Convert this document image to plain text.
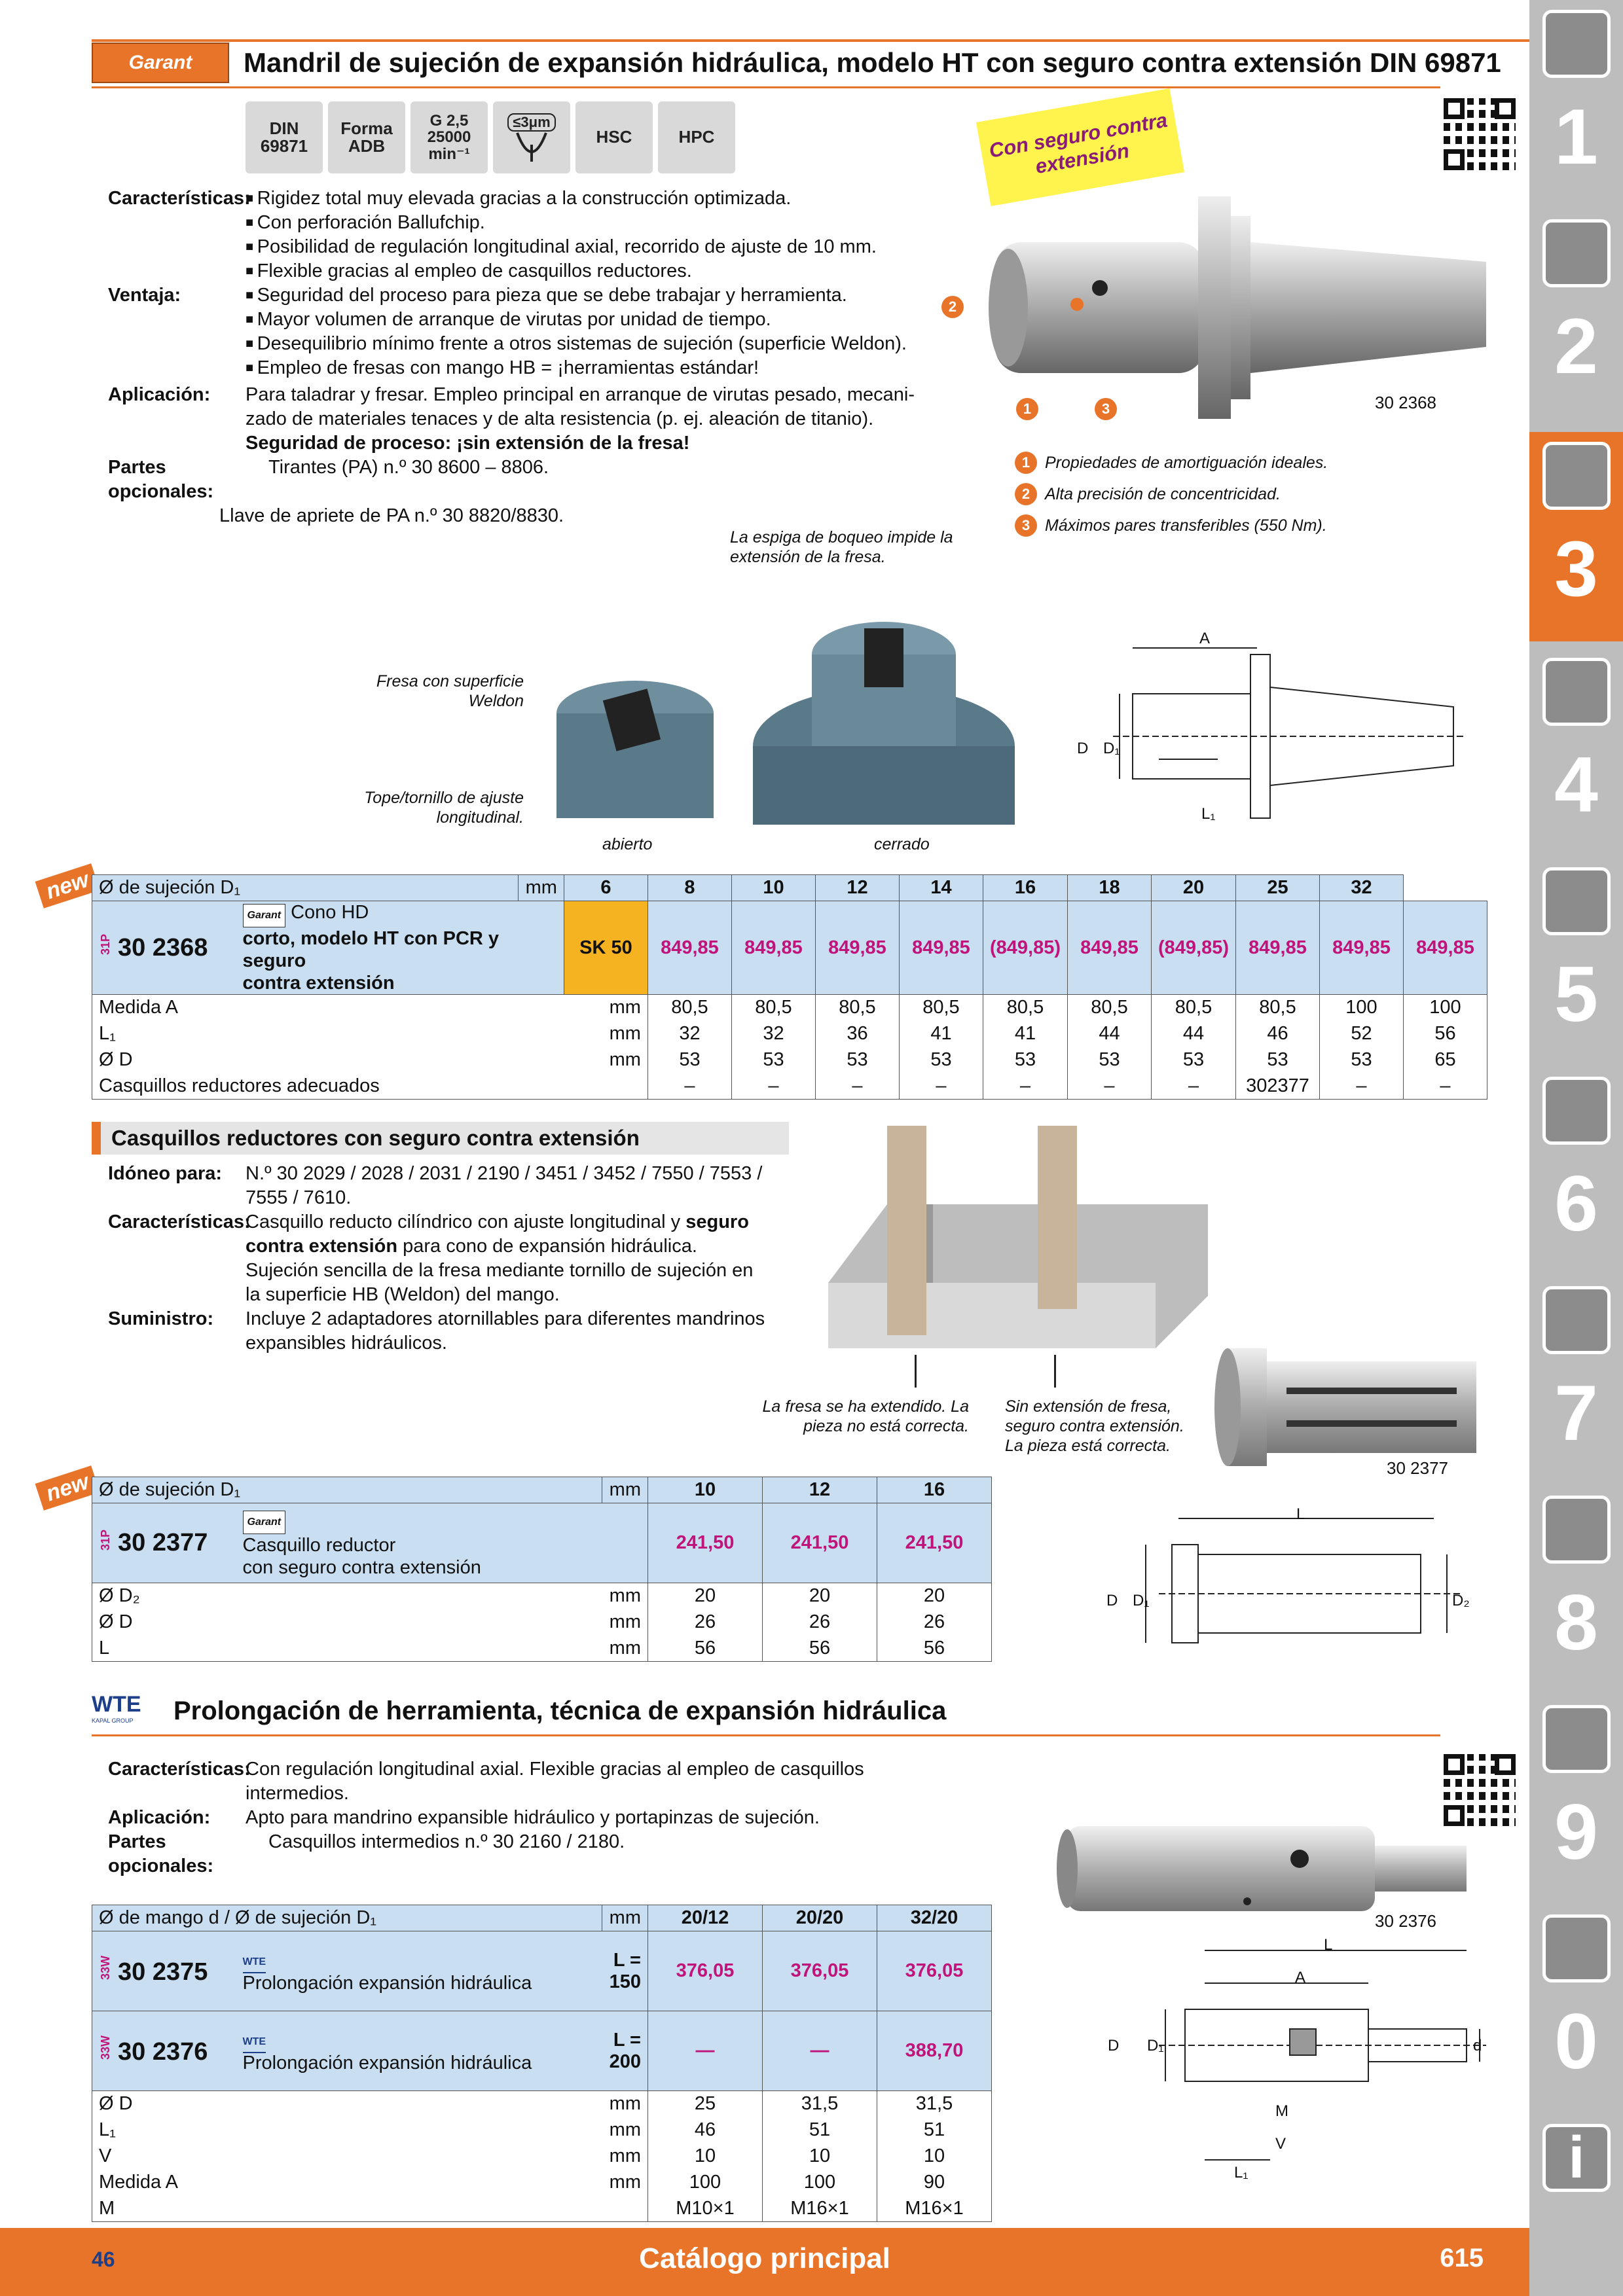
Garant Mandril de sujeción de expansión hidráulica, modelo HT con seguro contra extensión DIN 69871
DIN
69871
Forma
ADB
G 2,5
25000
min⁻¹
≤3μm
HSC	HPC
Características: ■ Rigidez total muy elevada gracias a la construcción optimizada.
■ Con perforación Ballufchip.
■ Posibilidad de regulación longitudinal axial, recorrido de ajuste de 10 mm.
■ Flexible gracias al empleo de casquillos reductores.
Ventaja:	■ Seguridad del proceso para pieza que se debe trabajar y herramienta.
■ Mayor volumen de arranque de virutas por unidad de tiempo.
■ Desequilibrio mínimo frente a otros sistemas de sujeción (superficie Weldon).
■ Empleo de fresas con mango HB = ¡herramientas estándar!
Aplicación:	Para taladrar y fresar. Empleo principal en arranque de virutas pesado, mecani-
zado de materiales tenaces y de alta resistencia (p. ej. aleación de titanio).
Seguridad de proceso: ¡sin extensión de la fresa!
Partes opcionales:
Tirantes (PA) n.º 30 8600 – 8806.
Llave de apriete de PA n.º 30 8820/8830.
Con seguro contra extensión
2
1	3	30 2368
1 Propiedades de amortiguación ideales.
2 Alta precisión de concentricidad.
3 Máximos pares transferibles (550 Nm).
La espiga de boqueo impide la extensión de la fresa.
Fresa con superficie Weldon
Tope/tornillo de ajuste longitudinal.
abierto	cerrado
A
D D₁
L₁
new Ø de sujeción D₁		mm	6	8	10	12	14	16	18	20	25	32	
31P 30 2368	Garant Cono HD
corto, modelo HT con PCR y seguro
contra extensión		SK 50	849,85	849,85	849,85	849,85	(849,85)	849,85	(849,85)	849,85	849,85	849,85
Medida A			mm	80,5	80,5	80,5	80,5	80,5	80,5	80,5	80,5	100	100
L₁			mm	32	32	36	41	41	44	44	46	52	56
Ø D			mm	53	53	53	53	53	53	53	53	53	65
Casquillos reductores adecuados				–	–	–	–	–	–	–	302377	–	–
Casquillos reductores con seguro contra extensión
Idóneo para:	N.º 30 2029 / 2028 / 2031 / 2190 / 3451 / 3452 / 7550 / 7553 /
7555 / 7610.
Características:
Casquillo reducto cilíndrico con ajuste longitudinal y seguro
contra extensión para cono de expansión hidráulica.
Sujeción sencilla de la fresa mediante tornillo de sujeción en
la superficie HB (Weldon) del mango.
Suministro:	Incluye 2 adaptadores atornillables para diferentes mandrinos
expansibles hidráulicos.
La fresa se ha extendido. La pieza no está correcta.
Sin extensión de fresa, seguro contra extensión. La pieza está correcta.
30 2377
new Ø de sujeción D₁		mm	10	12	16
31P 30 2377	Garant
Casquillo reductor
con seguro contra extensión		241,50	241,50	241,50
Ø D₂		mm	20	20	20
Ø D		mm	26	26	26
L		mm	56	56	56
L
D D₁	D₂
WTE
KAPAL GROUP	Prolongación de herramienta, técnica de expansión hidráulica
Características:
Con regulación longitudinal axial. Flexible gracias al empleo de casquillos
intermedios.
Aplicación:	Apto para mandrino expansible hidráulico y portapinzas de sujeción.
Partes opcionales:
Casquillos intermedios n.º 30 2160 / 2180.
30 2376
Ø de mango d / Ø de sujeción D₁		mm	20/12	20/20	32/20
33W 30 2375	WTE
Prolongación expansión hidráulica	L = 150	376,05	376,05	376,05
33W 30 2376	WTE
Prolongación expansión hidráulica	L = 200	—	—	388,70
Ø D		mm	25	31,5	31,5
L₁		mm	46	51	51
V		mm	10	10	10
Medida A		mm	100	100	90
M			M10×1	M16×1	M16×1
L
A
D D₁	d
M
V
L₁
1
2
3
4
5
6
7
8
9
0
i
46	Catálogo principal	615
